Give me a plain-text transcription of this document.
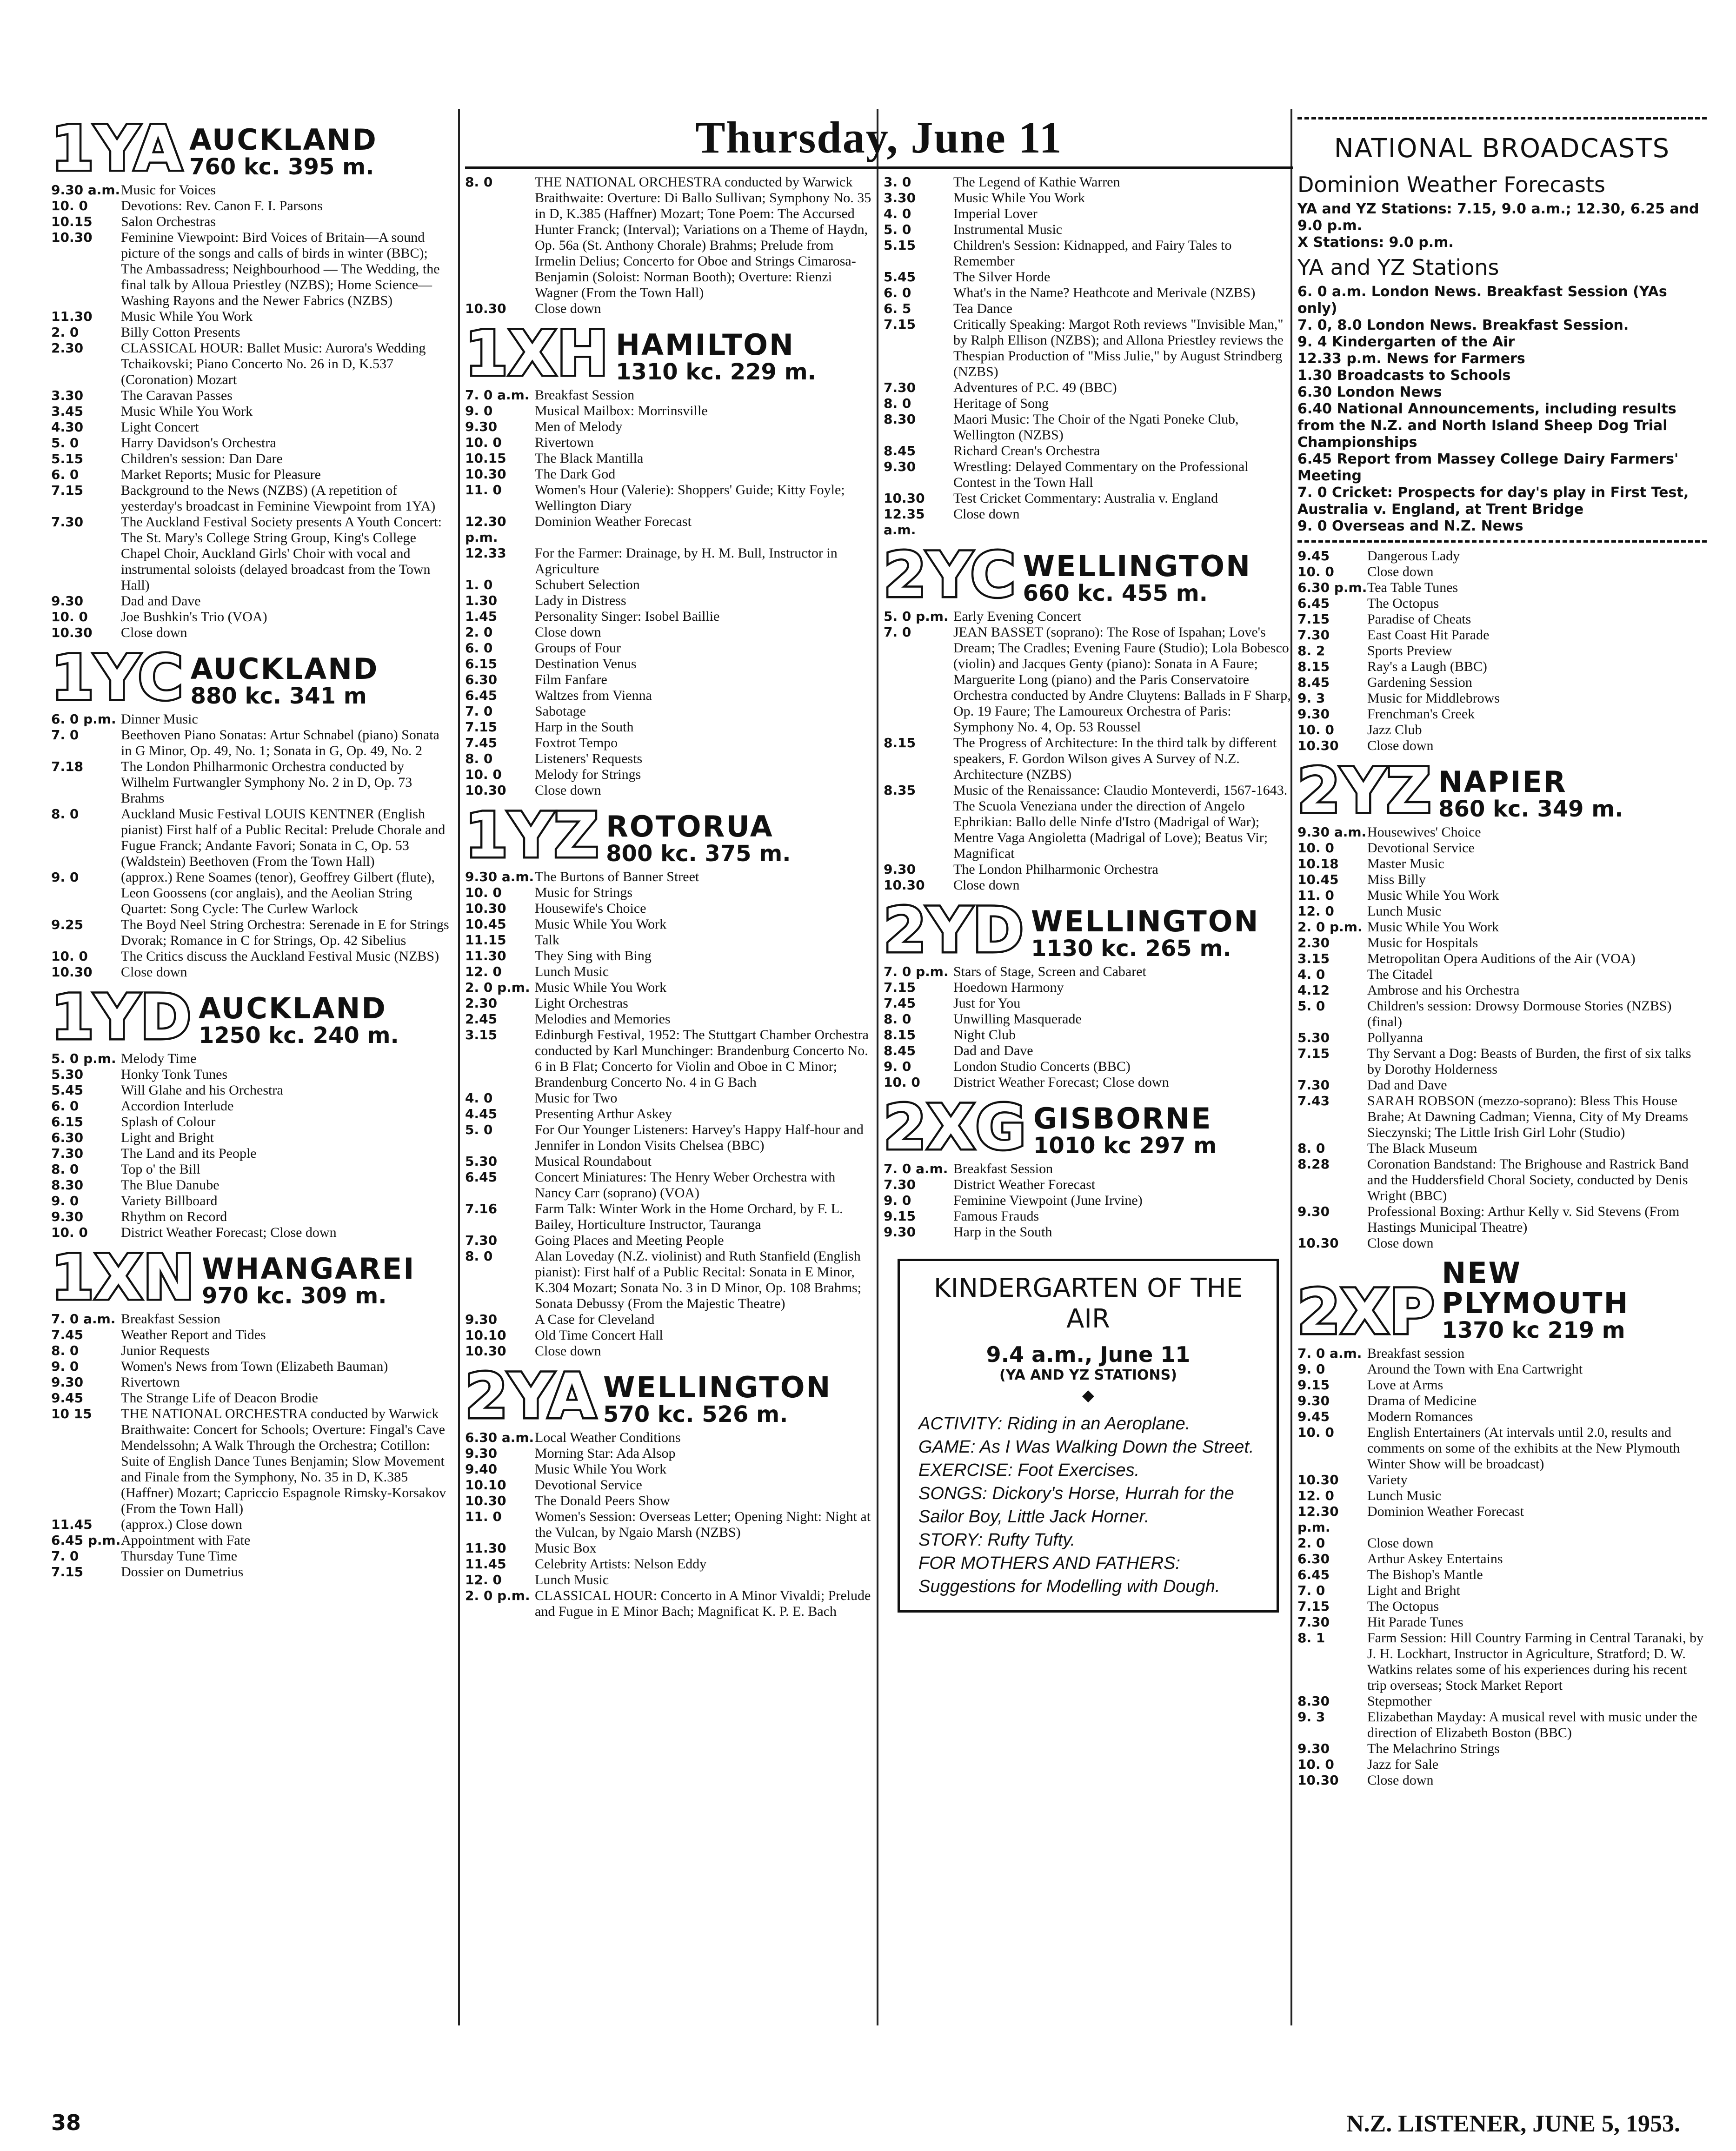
Thursday, June 11
1YA AUCKLAND
760 kc. 395 m.
9.30 a.m. Music for Voices
10. 0	Devotions: Rev. Canon F. I. Parsons
10.15	Salon Orchestras
10.30	Feminine Viewpoint: Bird Voices of Britain—A sound picture of the songs and calls of birds in winter (BBC); The Ambassadress; Neighbourhood — The Wedding, the final talk by Alloua Priestley (NZBS); Home Science—Washing Rayons and the Newer Fabrics (NZBS)
11.30	Music While You Work
2. 0	Billy Cotton Presents
2.30	CLASSICAL HOUR: Ballet Music: Aurora's Wedding Tchaikovski; Piano Concerto No. 26 in D, K.537 (Coronation) Mozart
3.30	The Caravan Passes
3.45	Music While You Work
4.30	Light Concert
5. 0	Harry Davidson's Orchestra
5.15	Children's session: Dan Dare
6. 0	Market Reports; Music for Pleasure
7.15	Background to the News (NZBS) (A repetition of yesterday's broadcast in Feminine Viewpoint from 1YA)
7.30	The Auckland Festival Society presents A Youth Concert: The St. Mary's College String Group, King's College Chapel Choir, Auckland Girls' Choir with vocal and instrumental soloists (delayed broadcast from the Town Hall)
9.30	Dad and Dave
10. 0	Joe Bushkin's Trio (VOA)
10.30	Close down
1YC AUCKLAND
880 kc. 341 m
6. 0 p.m. Dinner Music
7. 0	Beethoven Piano Sonatas: Artur Schnabel (piano) Sonata in G Minor, Op. 49, No. 1; Sonata in G, Op. 49, No. 2
7.18	The London Philharmonic Orchestra conducted by Wilhelm Furtwangler Symphony No. 2 in D, Op. 73 Brahms
8. 0	Auckland Music Festival LOUIS KENTNER (English pianist) First half of a Public Recital: Prelude Chorale and Fugue Franck; Andante Favori; Sonata in C, Op. 53 (Waldstein) Beethoven (From the Town Hall)
9. 0	(approx.) Rene Soames (tenor), Geoffrey Gilbert (flute), Leon Goossens (cor anglais), and the Aeolian String Quartet: Song Cycle: The Curlew Warlock
9.25	The Boyd Neel String Orchestra: Serenade in E for Strings Dvorak; Romance in C for Strings, Op. 42 Sibelius
10. 0	The Critics discuss the Auckland Festival Music (NZBS)
10.30	Close down
1YD AUCKLAND
1250 kc. 240 m.
5. 0 p.m. Melody Time
5.30	Honky Tonk Tunes
5.45	Will Glahe and his Orchestra
6. 0	Accordion Interlude
6.15	Splash of Colour
6.30	Light and Bright
7.30	The Land and its People
8. 0	Top o' the Bill
8.30	The Blue Danube
9. 0	Variety Billboard
9.30	Rhythm on Record
10. 0	District Weather Forecast; Close down
1XN WHANGAREI
970 kc. 309 m.
7. 0 a.m. Breakfast Session
7.45	Weather Report and Tides
8. 0	Junior Requests
9. 0	Women's News from Town (Elizabeth Bauman)
9.30	Rivertown
9.45	The Strange Life of Deacon Brodie
10 15	THE NATIONAL ORCHESTRA conducted by Warwick Braithwaite: Concert for Schools; Overture: Fingal's Cave Mendelssohn; A Walk Through the Orchestra; Cotillon: Suite of English Dance Tunes Benjamin; Slow Movement and Finale from the Symphony, No. 35 in D, K.385 (Haffner) Mozart; Capriccio Espagnole Rimsky-Korsakov (From the Town Hall)
11.45	(approx.) Close down
6.45 p.m. Appointment with Fate
7. 0	Thursday Tune Time
7.15	Dossier on Dumetrius
8. 0	THE NATIONAL ORCHESTRA conducted by Warwick Braithwaite: Overture: Di Ballo Sullivan; Symphony No. 35 in D, K.385 (Haffner) Mozart; Tone Poem: The Accursed Hunter Franck; (Interval); Variations on a Theme of Haydn, Op. 56a (St. Anthony Chorale) Brahms; Prelude from Irmelin Delius; Concerto for Oboe and Strings Cimarosa-Benjamin (Soloist: Norman Booth); Overture: Rienzi Wagner (From the Town Hall)
10.30	Close down
1XH HAMILTON
1310 kc. 229 m.
7. 0 a.m. Breakfast Session
9. 0	Musical Mailbox: Morrinsville
9.30	Men of Melody
10. 0	Rivertown
10.15	The Black Mantilla
10.30	The Dark God
11. 0	Women's Hour (Valerie): Shoppers' Guide; Kitty Foyle; Wellington Diary
12.30 p.m.
Dominion Weather Forecast
12.33	For the Farmer: Drainage, by H. M. Bull, Instructor in Agriculture
1. 0	Schubert Selection
1.30	Lady in Distress
1.45	Personality Singer: Isobel Baillie
2. 0	Close down
6. 0	Groups of Four
6.15	Destination Venus
6.30	Film Fanfare
6.45	Waltzes from Vienna
7. 0	Sabotage
7.15	Harp in the South
7.45	Foxtrot Tempo
8. 0	Listeners' Requests
10. 0	Melody for Strings
10.30	Close down
1YZ ROTORUA
800 kc. 375 m.
9.30 a.m. The Burtons of Banner Street
10. 0	Music for Strings
10.30	Housewife's Choice
10.45	Music While You Work
11.15	Talk
11.30	They Sing with Bing
12. 0	Lunch Music
2. 0 p.m. Music While You Work
2.30	Light Orchestras
2.45	Melodies and Memories
3.15	Edinburgh Festival, 1952: The Stuttgart Chamber Orchestra conducted by Karl Munchinger: Brandenburg Concerto No. 6 in B Flat; Concerto for Violin and Oboe in C Minor; Brandenburg Concerto No. 4 in G Bach
4. 0	Music for Two
4.45	Presenting Arthur Askey
5. 0	For Our Younger Listeners: Harvey's Happy Half-hour and Jennifer in London Visits Chelsea (BBC)
5.30	Musical Roundabout
6.45	Concert Miniatures: The Henry Weber Orchestra with Nancy Carr (soprano) (VOA)
7.16	Farm Talk: Winter Work in the Home Orchard, by F. L. Bailey, Horticulture Instructor, Tauranga
7.30	Going Places and Meeting People
8. 0	Alan Loveday (N.Z. violinist) and Ruth Stanfield (English pianist): First half of a Public Recital: Sonata in E Minor, K.304 Mozart; Sonata No. 3 in D Minor, Op. 108 Brahms; Sonata Debussy (From the Majestic Theatre)
9.30	A Case for Cleveland
10.10	Old Time Concert Hall
10.30	Close down
2YA WELLINGTON
570 kc. 526 m.
6.30 a.m. Local Weather Conditions
9.30	Morning Star: Ada Alsop
9.40	Music While You Work
10.10	Devotional Service
10.30	The Donald Peers Show
11. 0	Women's Session: Overseas Letter; Opening Night: Night at the Vulcan, by Ngaio Marsh (NZBS)
11.30	Music Box
11.45	Celebrity Artists: Nelson Eddy
12. 0	Lunch Music
2. 0 p.m. CLASSICAL HOUR: Concerto in A Minor Vivaldi; Prelude and Fugue in E Minor Bach; Magnificat K. P. E. Bach
3. 0	The Legend of Kathie Warren
3.30	Music While You Work
4. 0	Imperial Lover
5. 0	Instrumental Music
5.15	Children's Session: Kidnapped, and Fairy Tales to Remember
5.45	The Silver Horde
6. 0	What's in the Name? Heathcote and Merivale (NZBS)
6. 5	Tea Dance
7.15	Critically Speaking: Margot Roth reviews "Invisible Man," by Ralph Ellison (NZBS); and Allona Priestley reviews the Thespian Production of "Miss Julie," by August Strindberg (NZBS)
7.30	Adventures of P.C. 49 (BBC)
8. 0	Heritage of Song
8.30	Maori Music: The Choir of the Ngati Poneke Club, Wellington (NZBS)
8.45	Richard Crean's Orchestra
9.30	Wrestling: Delayed Commentary on the Professional Contest in the Town Hall
10.30	Test Cricket Commentary: Australia v. England
12.35 a.m.
Close down
2YC WELLINGTON
660 kc. 455 m.
5. 0 p.m. Early Evening Concert
7. 0	JEAN BASSET (soprano): The Rose of Ispahan; Love's Dream; The Cradles; Evening Faure (Studio); Lola Bobesco (violin) and Jacques Genty (piano): Sonata in A Faure; Marguerite Long (piano) and the Paris Conservatoire Orchestra conducted by Andre Cluytens: Ballads in F Sharp, Op. 19 Faure; The Lamoureux Orchestra of Paris: Symphony No. 4, Op. 53 Roussel
8.15	The Progress of Architecture: In the third talk by different speakers, F. Gordon Wilson gives A Survey of N.Z. Architecture (NZBS)
8.35	Music of the Renaissance: Claudio Monteverdi, 1567-1643. The Scuola Veneziana under the direction of Angelo Ephrikian: Ballo delle Ninfe d'Istro (Madrigal of War); Mentre Vaga Angioletta (Madrigal of Love); Beatus Vir; Magnificat
9.30	The London Philharmonic Orchestra
10.30	Close down
2YD WELLINGTON
1130 kc. 265 m.
7. 0 p.m. Stars of Stage, Screen and Cabaret
7.15	Hoedown Harmony
7.45	Just for You
8. 0	Unwilling Masquerade
8.15	Night Club
8.45	Dad and Dave
9. 0	London Studio Concerts (BBC)
10. 0	District Weather Forecast; Close down
2XG GISBORNE
1010 kc 297 m
7. 0 a.m. Breakfast Session
7.30	District Weather Forecast
9. 0	Feminine Viewpoint (June Irvine)
9.15	Famous Frauds
9.30	Harp in the South
KINDERGARTEN OF THE AIR
9.4 a.m., June 11
(YA AND YZ STATIONS)
◆
ACTIVITY: Riding in an Aeroplane.
GAME: As I Was Walking Down the Street.
EXERCISE: Foot Exercises.
SONGS: Dickory's Horse, Hurrah for the Sailor Boy, Little Jack Horner.
STORY: Rufty Tufty.
FOR MOTHERS AND FATHERS: Suggestions for Modelling with Dough.
NATIONAL BROADCASTS
Dominion Weather Forecasts
YA and YZ Stations: 7.15, 9.0 a.m.; 12.30, 6.25 and 9.0 p.m.
X Stations: 9.0 p.m.
YA and YZ Stations
6. 0 a.m. London News. Breakfast Session (YAs only)
7. 0, 8.0 London News. Breakfast Session.
9. 4 Kindergarten of the Air
12.33 p.m. News for Farmers
1.30 Broadcasts to Schools
6.30 London News
6.40 National Announcements, including results from the N.Z. and North Island Sheep Dog Trial Championships
6.45 Report from Massey College Dairy Farmers' Meeting
7. 0 Cricket: Prospects for day's play in First Test, Australia v. England, at Trent Bridge
9. 0 Overseas and N.Z. News
9.45	Dangerous Lady
10. 0	Close down
6.30 p.m. Tea Table Tunes
6.45	The Octopus
7.15	Paradise of Cheats
7.30	East Coast Hit Parade
8. 2	Sports Preview
8.15	Ray's a Laugh (BBC)
8.45	Gardening Session
9. 3	Music for Middlebrows
9.30	Frenchman's Creek
10. 0	Jazz Club
10.30	Close down
2YZ NAPIER
860 kc. 349 m.
9.30 a.m. Housewives' Choice
10. 0	Devotional Service
10.18	Master Music
10.45	Miss Billy
11. 0	Music While You Work
12. 0	Lunch Music
2. 0 p.m. Music While You Work
2.30	Music for Hospitals
3.15	Metropolitan Opera Auditions of the Air (VOA)
4. 0	The Citadel
4.12	Ambrose and his Orchestra
5. 0	Children's session: Drowsy Dormouse Stories (NZBS) (final)
5.30	Pollyanna
7.15	Thy Servant a Dog: Beasts of Burden, the first of six talks by Dorothy Holderness
7.30	Dad and Dave
7.43	SARAH ROBSON (mezzo-soprano): Bless This House Brahe; At Dawning Cadman; Vienna, City of My Dreams Sieczynski; The Little Irish Girl Lohr (Studio)
8. 0	The Black Museum
8.28	Coronation Bandstand: The Brighouse and Rastrick Band and the Huddersfield Choral Society, conducted by Denis Wright (BBC)
9.30	Professional Boxing: Arthur Kelly v. Sid Stevens (From Hastings Municipal Theatre)
10.30	Close down
2XP
NEW PLYMOUTH
1370 kc 219 m
7. 0 a.m. Breakfast session
9. 0	Around the Town with Ena Cartwright
9.15	Love at Arms
9.30	Drama of Medicine
9.45	Modern Romances
10. 0	English Entertainers (At intervals until 2.0, results and comments on some of the exhibits at the New Plymouth Winter Show will be broadcast)
10.30	Variety
12. 0	Lunch Music
12.30 p.m.
Dominion Weather Forecast
2. 0	Close down
6.30	Arthur Askey Entertains
6.45	The Bishop's Mantle
7. 0	Light and Bright
7.15	The Octopus
7.30	Hit Parade Tunes
8. 1	Farm Session: Hill Country Farming in Central Taranaki, by J. H. Lockhart, Instructor in Agriculture, Stratford; D. W. Watkins relates some of his experiences during his recent trip overseas; Stock Market Report
8.30	Stepmother
9. 3	Elizabethan Mayday: A musical revel with music under the direction of Elizabeth Boston (BBC)
9.30	The Melachrino Strings
10. 0	Jazz for Sale
10.30	Close down
38	N.Z. LISTENER, JUNE 5, 1953.
